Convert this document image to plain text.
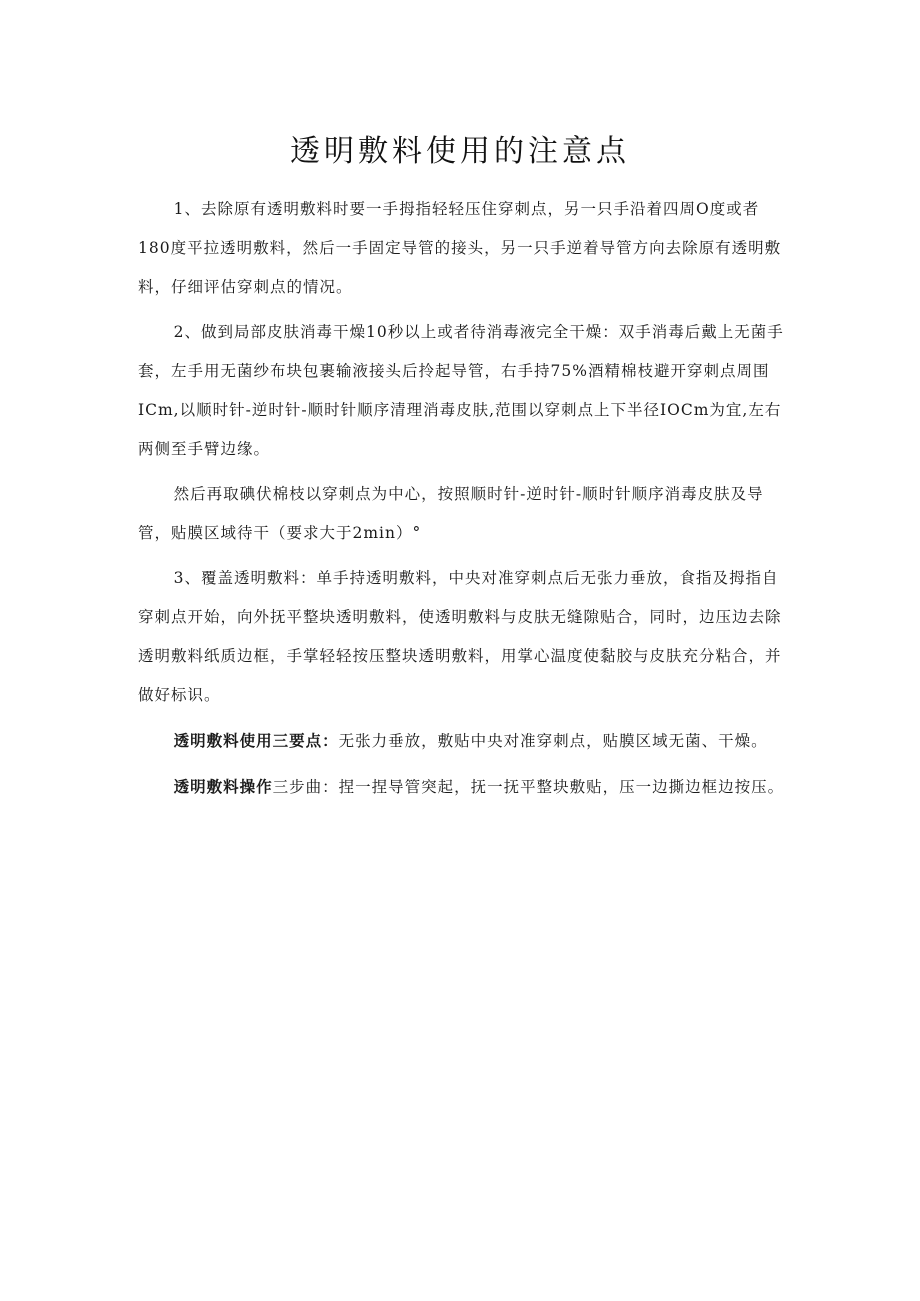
透明敷料使用的注意点

1、去除原有透明敷料时要一手拇指轻轻压住穿刺点，另一只手沿着四周O度或者180度平拉透明敷料，然后一手固定导管的接头，另一只手逆着导管方向去除原有透明敷料，仔细评估穿刺点的情况。

2、做到局部皮肤消毒干燥10秒以上或者待消毒液完全干燥：双手消毒后戴上无菌手套，左手用无菌纱布块包裹输液接头后拎起导管，右手持75%酒精棉枝避开穿刺点周围ICm,以顺时针-逆时针-顺时针顺序清理消毒皮肤,范围以穿刺点上下半径IOCm为宜,左右两侧至手臂边缘。

然后再取碘伏棉枝以穿刺点为中心，按照顺时针-逆时针-顺时针顺序消毒皮肤及导管，贴膜区域待干（要求大于2min）°

3、覆盖透明敷料：单手持透明敷料，中央对准穿刺点后无张力垂放，食指及拇指自穿刺点开始，向外抚平整块透明敷料，使透明敷料与皮肤无缝隙贴合，同时，边压边去除透明敷料纸质边框，手掌轻轻按压整块透明敷料，用掌心温度使黏胶与皮肤充分粘合，并做好标识。

透明敷料使用三要点：无张力垂放，敷贴中央对准穿刺点，贴膜区域无菌、干燥。

透明敷料操作三步曲：捏一捏导管突起，抚一抚平整块敷贴，压一边撕边框边按压。
